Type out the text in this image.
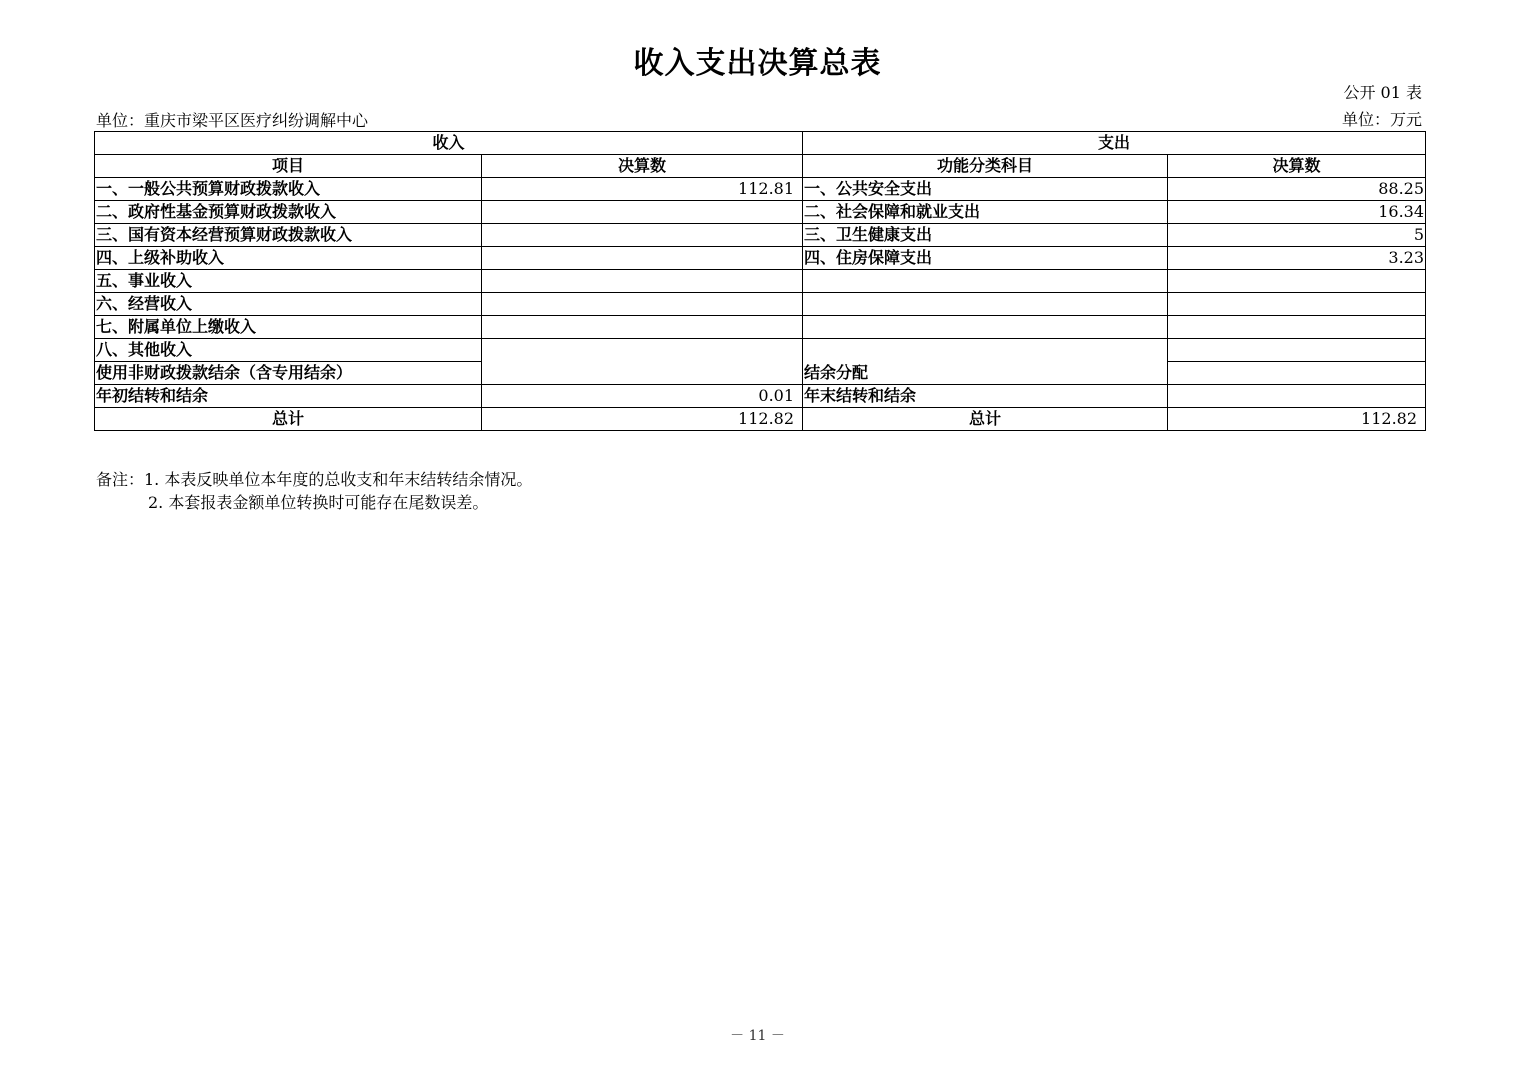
收入支出决算总表
公开 01 表
单位：重庆市梁平区医疗纠纷调解中心	单位：万元
收入		支出	
项目	决算数	功能分类科目	决算数
一、一般公共预算财政拨款收入	112.81	一、公共安全支出	88.25
二、政府性基金预算财政拨款收入		二、社会保障和就业支出	16.34
三、国有资本经营预算财政拨款收入		三、卫生健康支出	5
四、上级补助收入		四、住房保障支出	3.23
五、事业收入			
六、经营收入			
七、附属单位上缴收入			
八、其他收入		结余分配	
使用非财政拨款结余（含专用结余）			
年初结转和结余	0.01	年末结转和结余	
总计	112.82	总计	112.82
备注：1. 本表反映单位本年度的总收支和年末结转结余情况。
2. 本套报表金额单位转换时可能存在尾数误差。
－ 11 －
